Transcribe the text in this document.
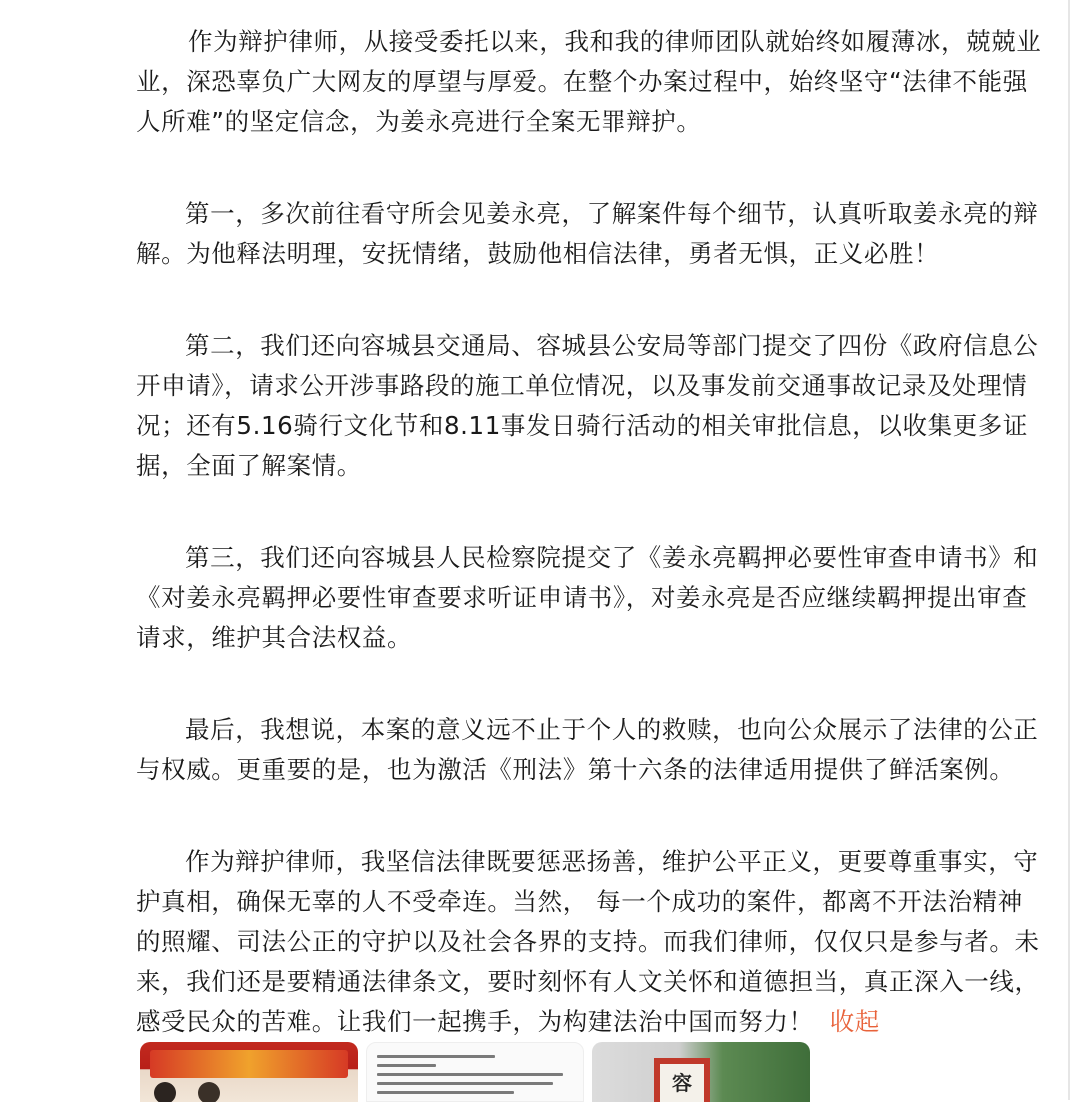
作为辩护律师，从接受委托以来，我和我的律师团队就始终如履薄冰，兢兢业业，深恐辜负广大网友的厚望与厚爱。在整个办案过程中，始终坚守“法律不能强人所难”的坚定信念，为姜永亮进行全案无罪辩护。

第一，多次前往看守所会见姜永亮，了解案件每个细节，认真听取姜永亮的辩解。为他释法明理，安抚情绪，鼓励他相信法律，勇者无惧，正义必胜！

第二，我们还向容城县交通局、容城县公安局等部门提交了四份《政府信息公开申请》，请求公开涉事路段的施工单位情况，以及事发前交通事故记录及处理情况；还有5.16骑行文化节和8.11事发日骑行活动的相关审批信息，以收集更多证据，全面了解案情。

第三，我们还向容城县人民检察院提交了《姜永亮羁押必要性审查申请书》和《对姜永亮羁押必要性审查要求听证申请书》，对姜永亮是否应继续羁押提出审查请求，维护其合法权益。

最后，我想说，本案的意义远不止于个人的救赎，也向公众展示了法律的公正与权威。更重要的是，也为激活《刑法》第十六条的法律适用提供了鲜活案例。

作为辩护律师，我坚信法律既要惩恶扬善，维护公平正义，更要尊重事实，守护真相，确保无辜的人不受牵连。当然， 每一个成功的案件，都离不开法治精神的照耀、司法公正的守护以及社会各界的支持。而我们律师，仅仅只是参与者。未来，我们还是要精通法律条文，要时刻怀有人文关怀和道德担当，真正深入一线，感受民众的苦难。让我们一起携手，为构建法治中国而努力！ 收起

容
